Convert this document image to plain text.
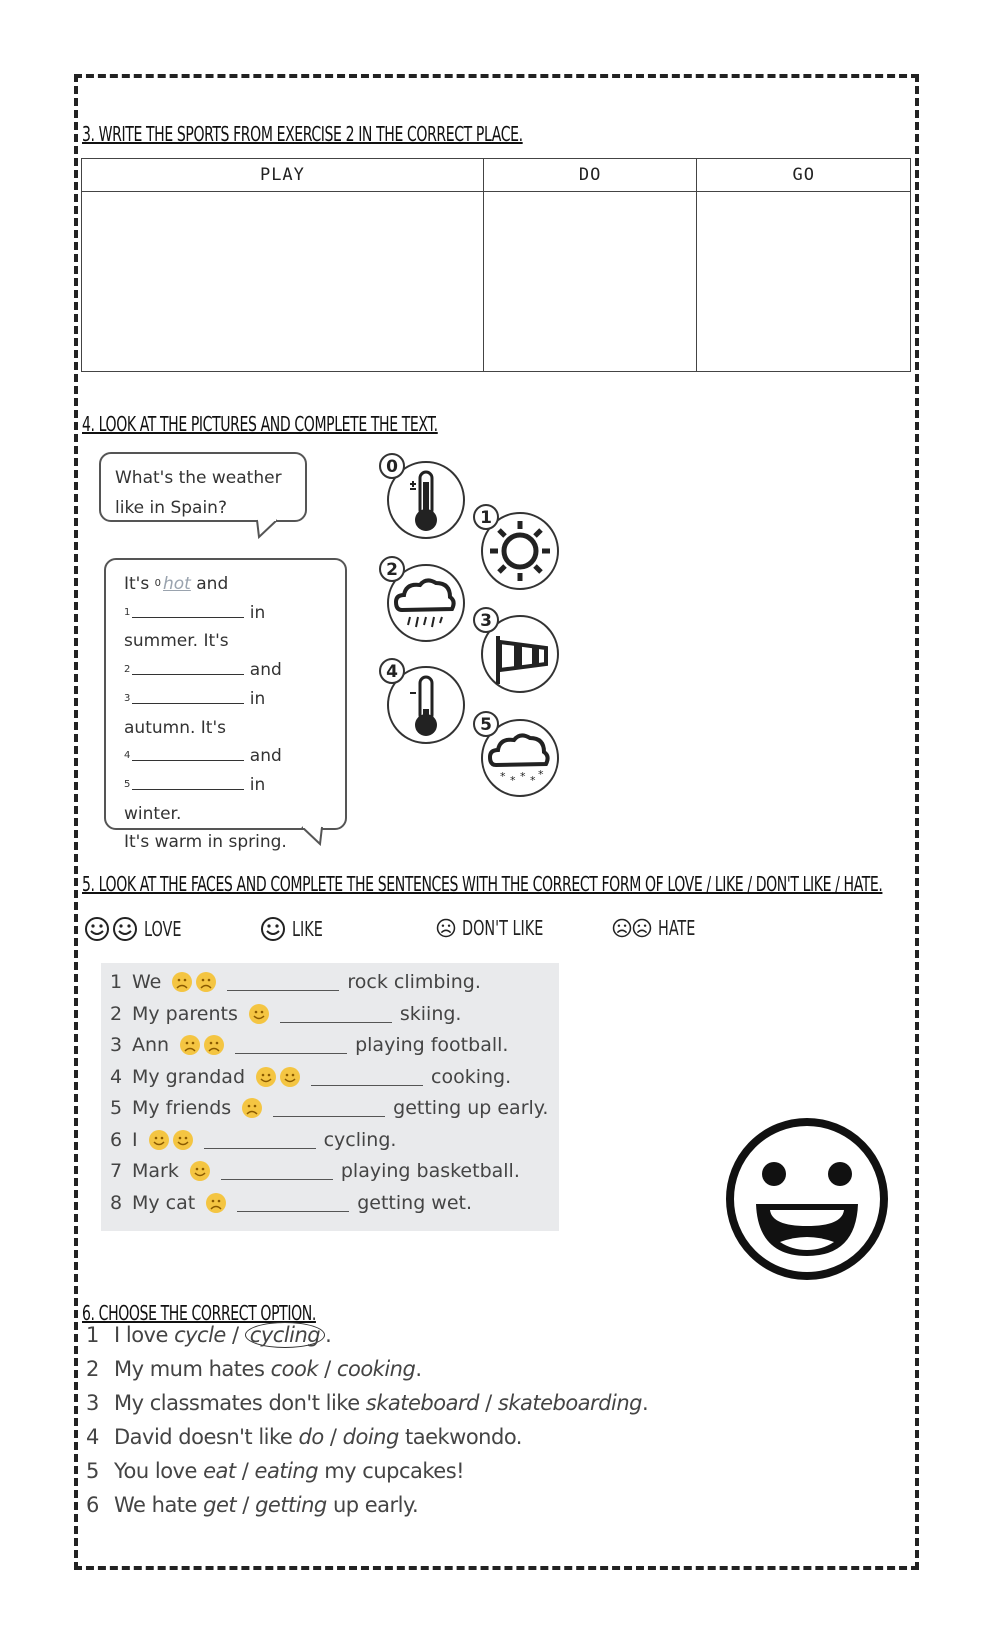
3. WRITE THE SPORTS FROM EXERCISE 2 IN THE CORRECT PLACE.
PLAY	DO	GO

4. LOOK AT THE PICTURES AND COMPLETE THE TEXT.
What's the weather
like in Spain?
It's $^0$ hot and
$^1$	in
summer. It's
$^2$	and
$^3$	in
autumn. It's
$^4$	and
$^5$	in winter.
It's warm in spring.
0
1
2
3
4
* * * * *
5
5. LOOK AT THE FACES AND COMPLETE THE SENTENCES WITH THE CORRECT FORM OF LOVE / LIKE / DON'T LIKE / HATE.
LOVE	LIKE	DON'T LIKE	HATE
1 We	rock climbing.
2 My parents	skiing.
3 Ann	playing football.
4 My grandad	cooking.
5 My friends	getting up early.
6 I	cycling.
7 Mark	playing basketball.
8 My cat	getting wet.
6. CHOOSE THE CORRECT OPTION.
1 I love cycle / cycling .
2 My mum hates cook / cooking.
3 My classmates don't like skateboard / skateboarding.
4 David doesn't like do / doing taekwondo.
5 You love eat / eating my cupcakes!
6 We hate get / getting up early.
